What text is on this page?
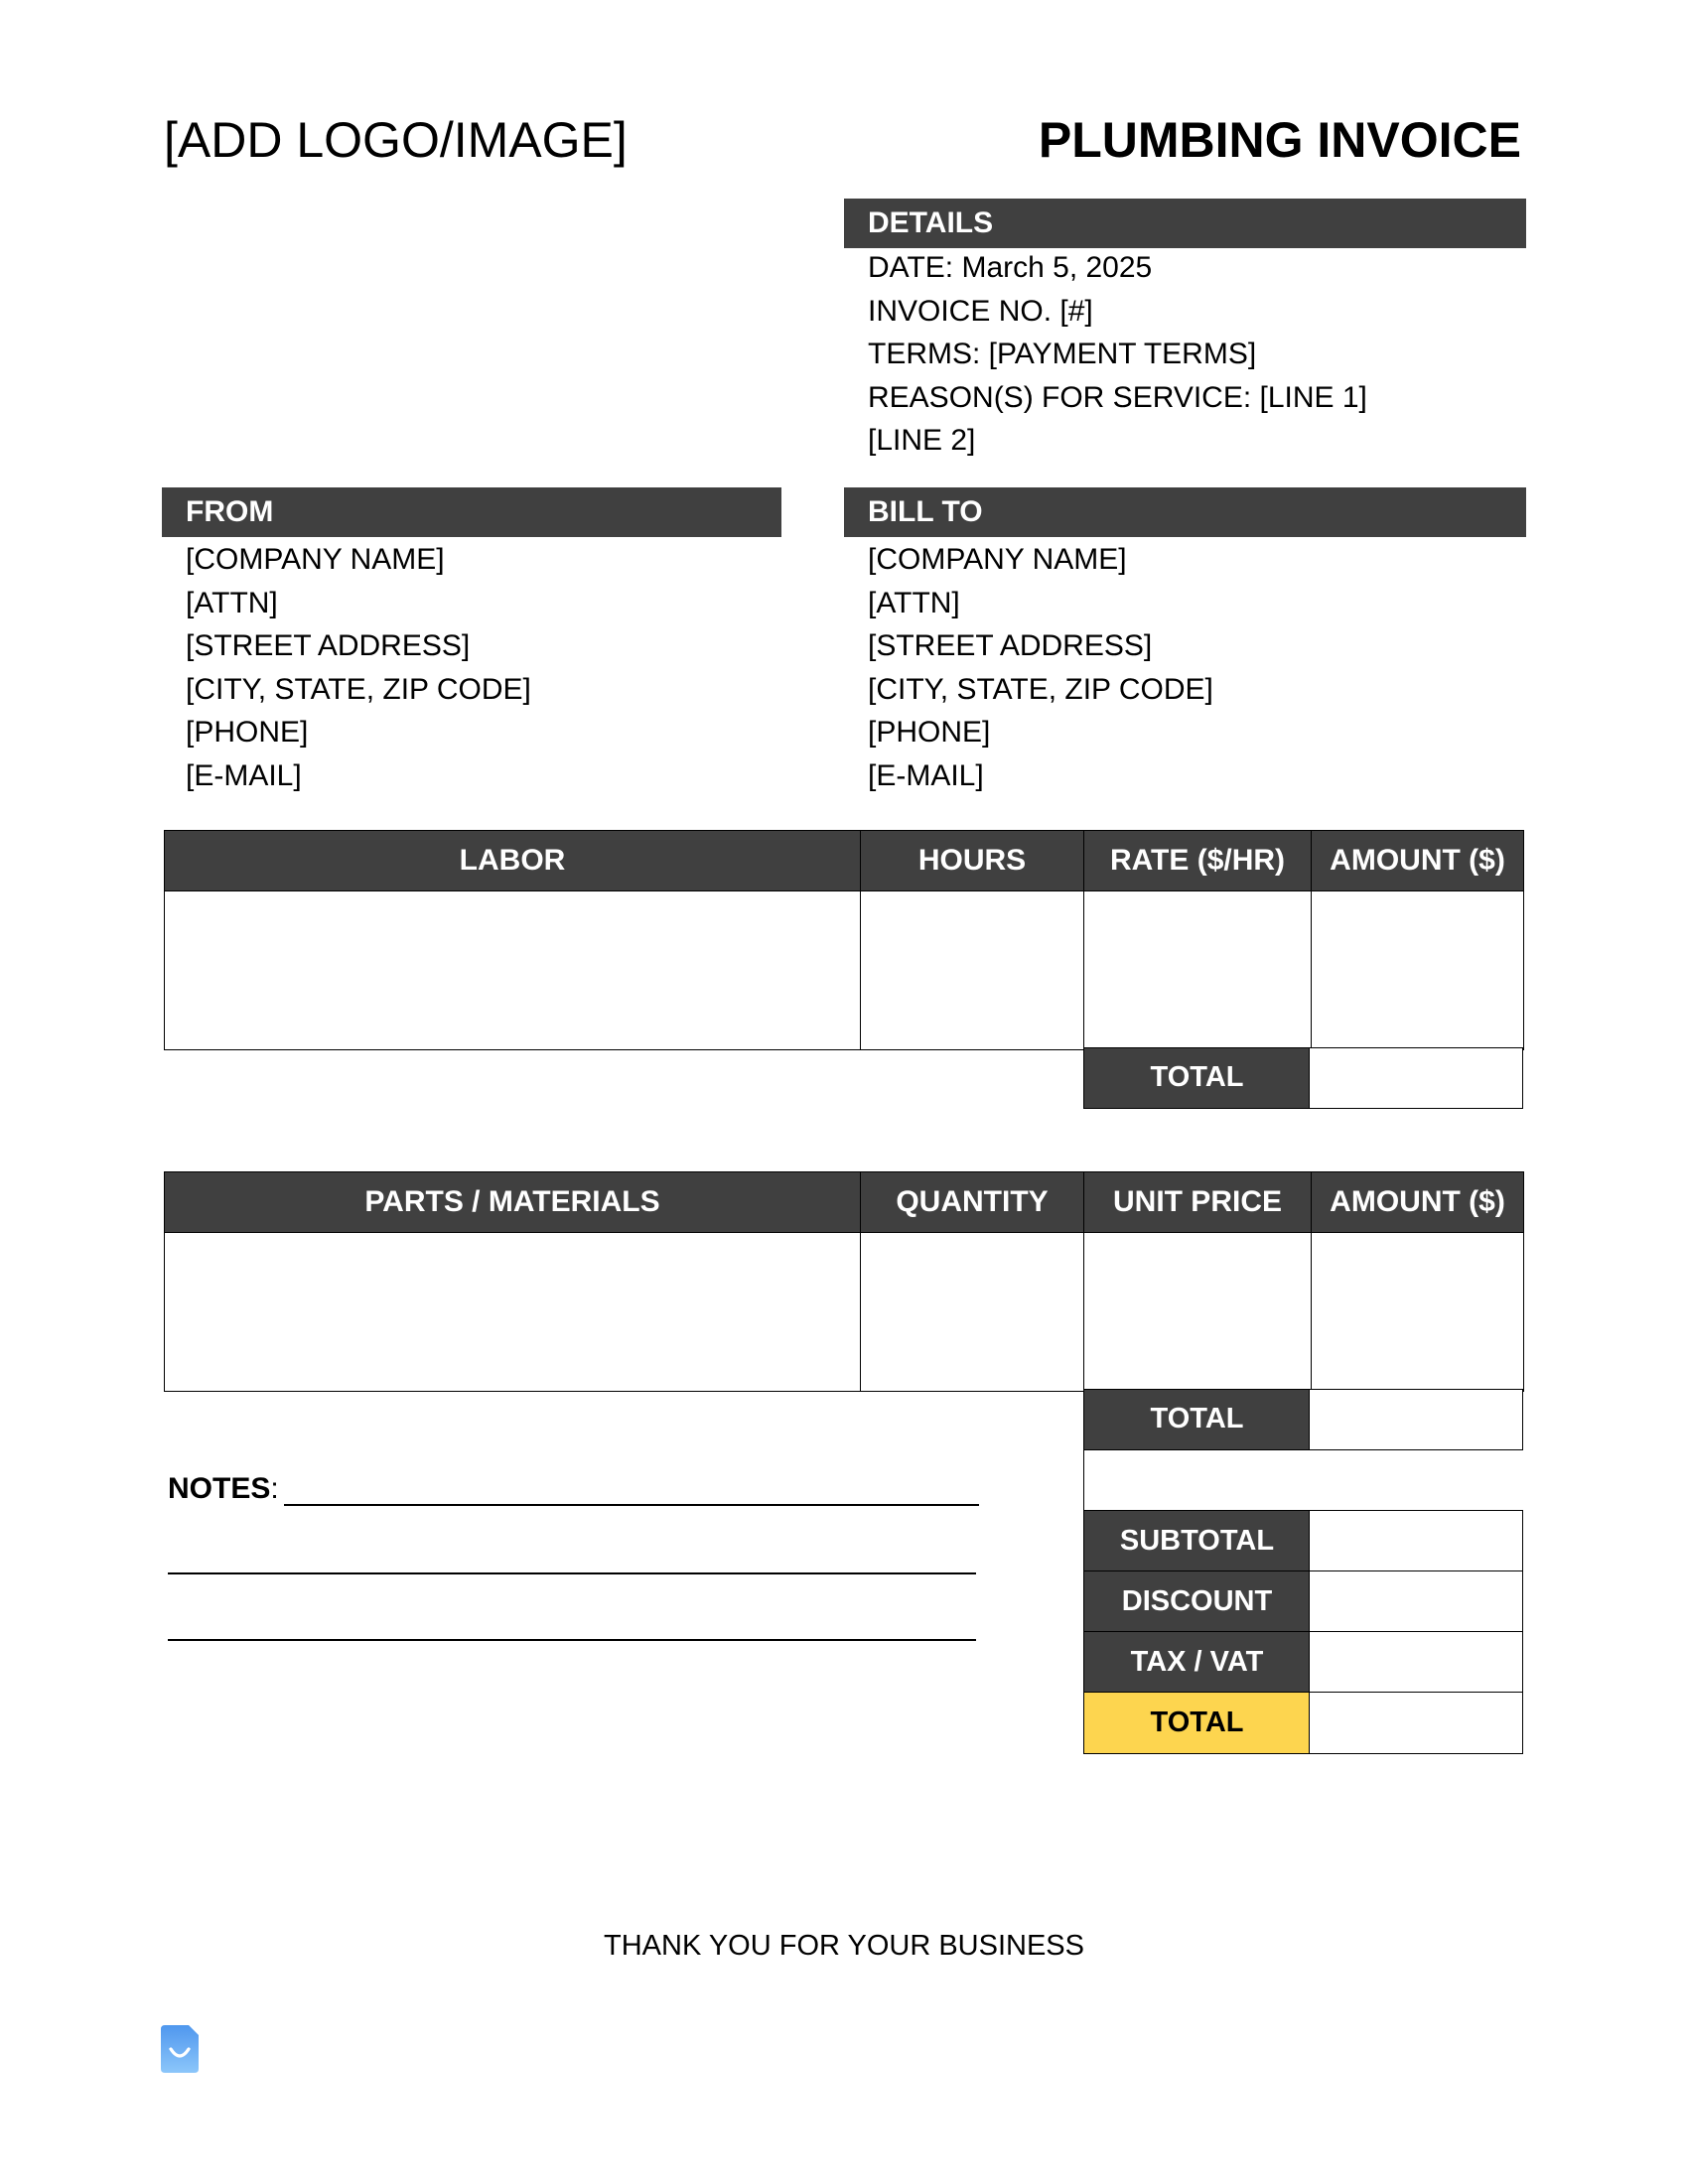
[ADD LOGO/IMAGE]	PLUMBING INVOICE
DETAILS
DATE: March 5, 2025
INVOICE NO. [#]
TERMS: [PAYMENT TERMS]
REASON(S) FOR SERVICE: [LINE 1]
[LINE 2]
FROM
[COMPANY NAME]
[ATTN]
[STREET ADDRESS]
[CITY, STATE, ZIP CODE]
[PHONE]
[E-MAIL]
BILL TO
[COMPANY NAME]
[ATTN]
[STREET ADDRESS]
[CITY, STATE, ZIP CODE]
[PHONE]
[E-MAIL]
LABOR	HOURS	RATE ($/HR)	AMOUNT ($)

TOTAL
PARTS / MATERIALS	QUANTITY	UNIT PRICE	AMOUNT ($)

TOTAL
SUBTOTAL
DISCOUNT
TAX / VAT
TOTAL
NOTES:
THANK YOU FOR YOUR BUSINESS
